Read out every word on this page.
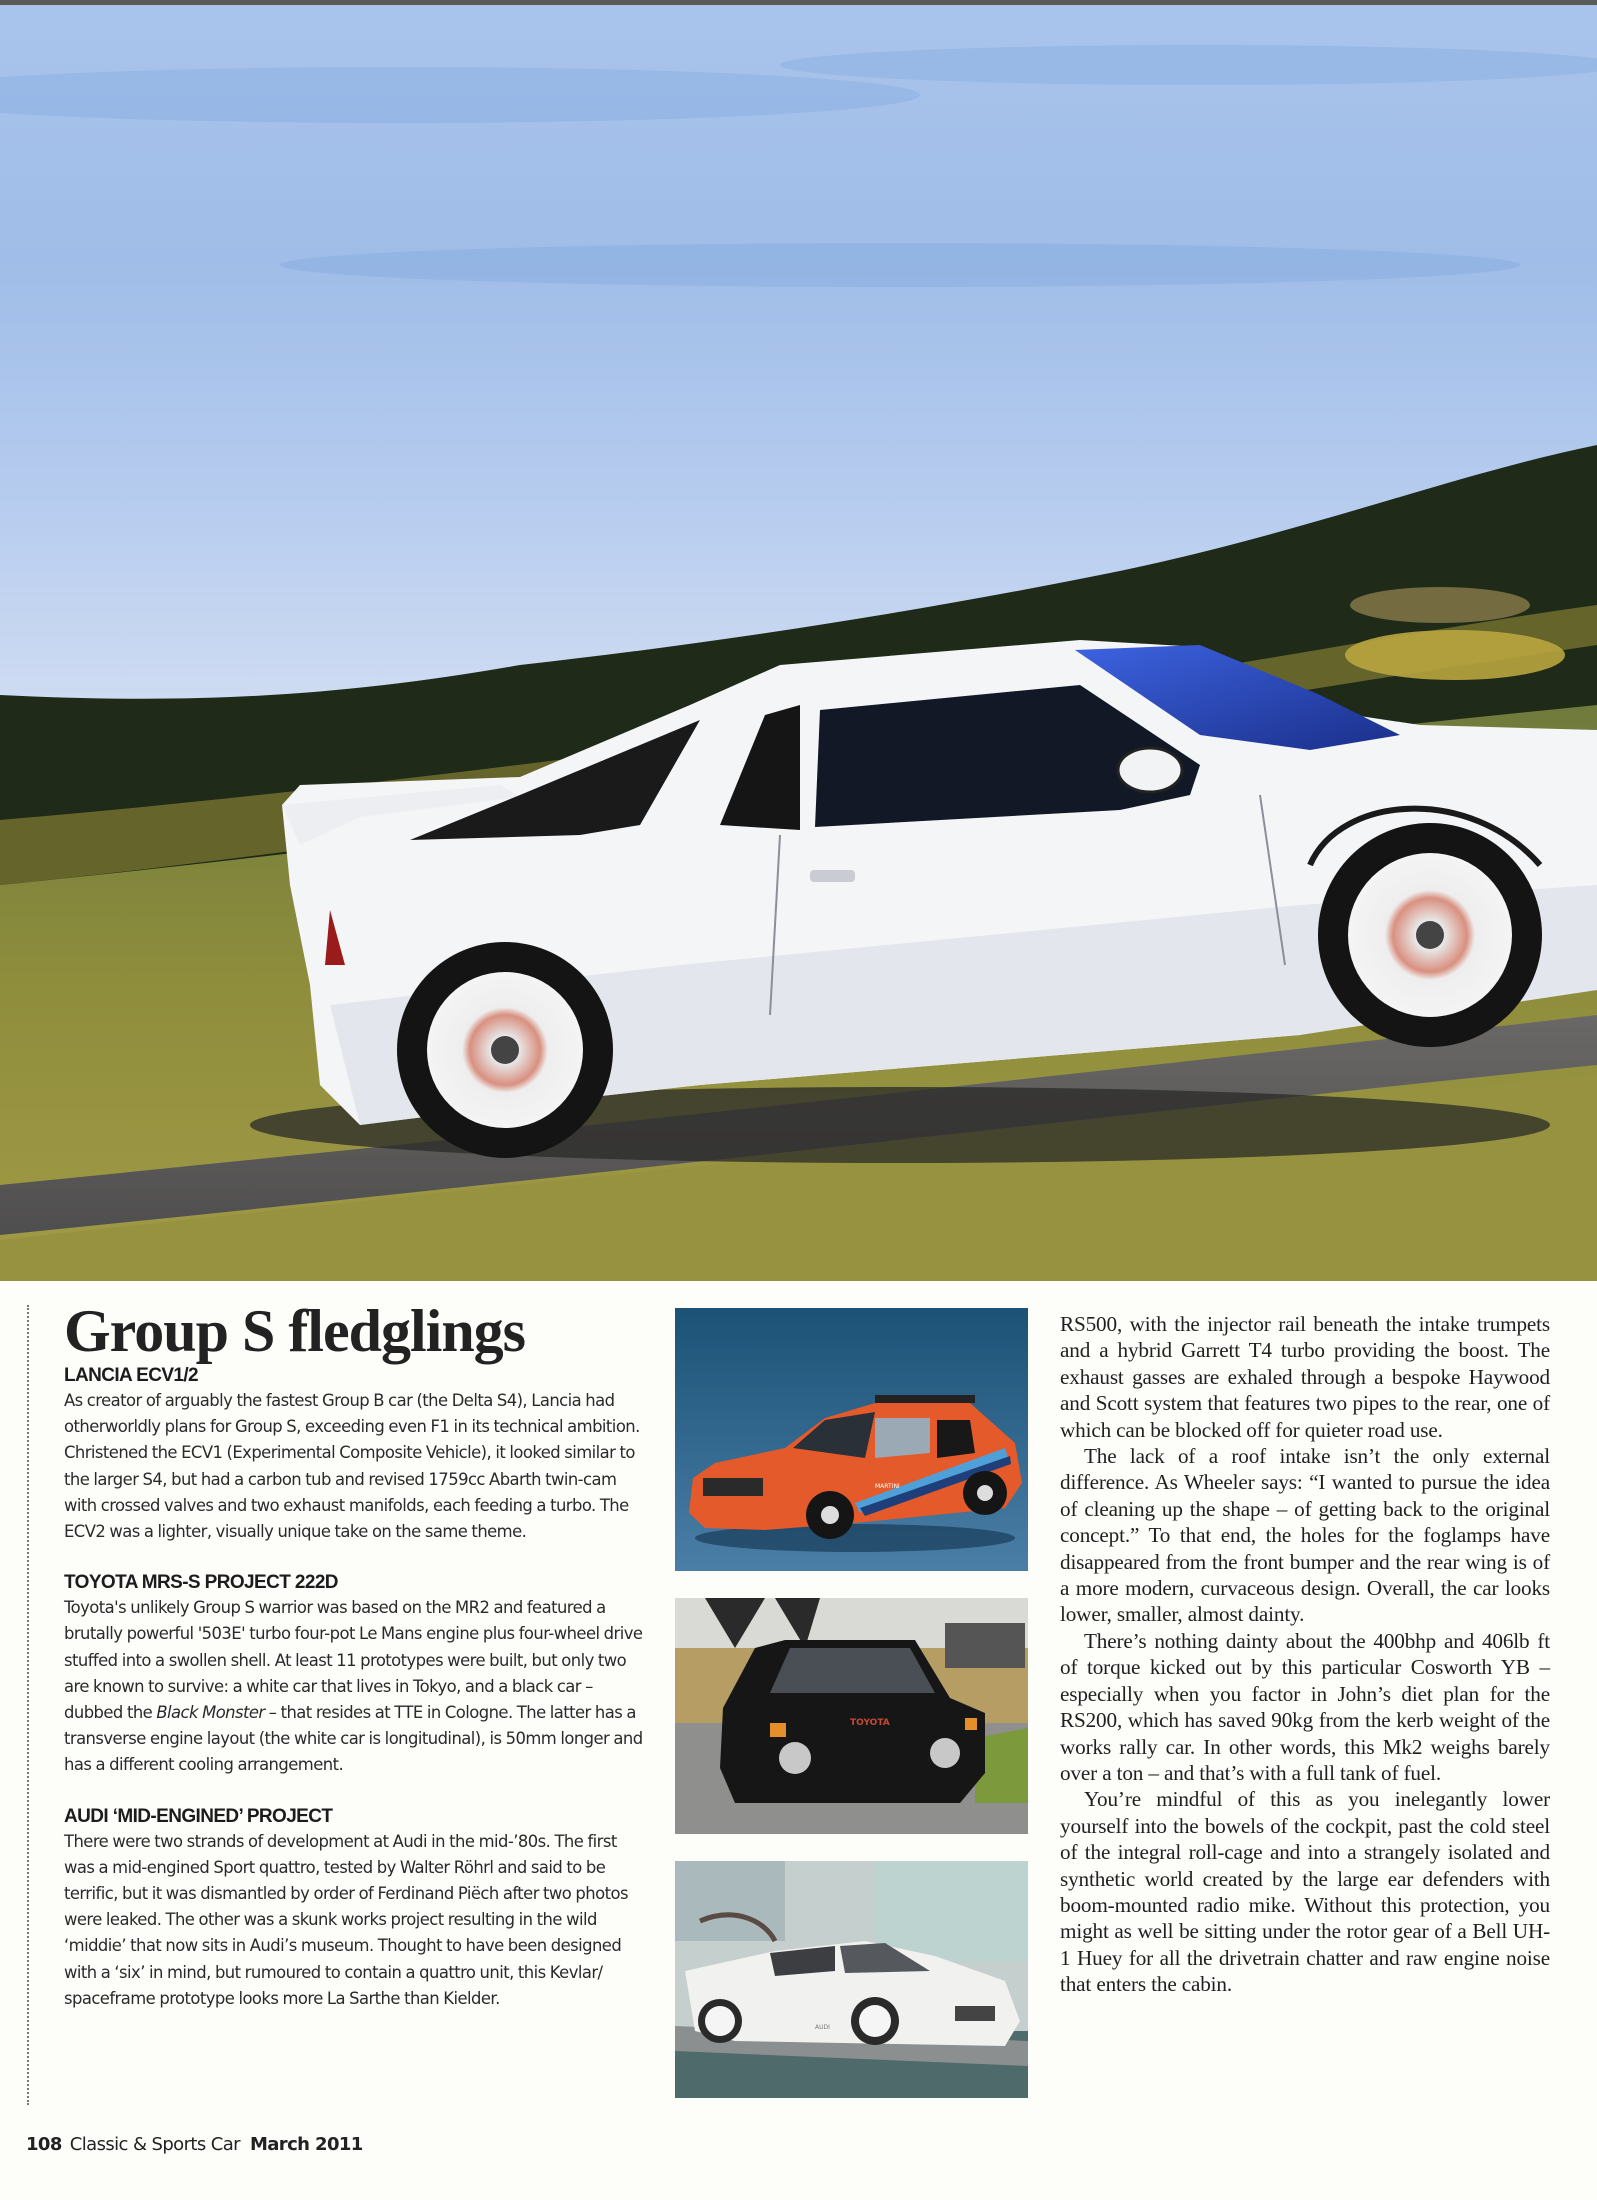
Group S fledglings
LANCIA ECV1/2

As creator of arguably the fastest Group B car (the Delta S4), Lancia had otherworldly plans for Group S, exceeding even F1 in its technical ambition. Christened the ECV1 (Experimental Composite Vehicle), it looked similar to the larger S4, but had a carbon tub and revised 1759cc Abarth twin-cam with crossed valves and two exhaust manifolds, each feeding a turbo. The ECV2 was a lighter, visually unique take on the same theme.

TOYOTA MRS-S PROJECT 222D

Toyota's unlikely Group S warrior was based on the MR2 and featured a brutally powerful '503E' turbo four-pot Le Mans engine plus four-wheel drive stuffed into a swollen shell. At least 11 prototypes were built, but only two are known to survive: a white car that lives in Tokyo, and a black car – dubbed the Black Monster – that resides at TTE in Cologne. The latter has a transverse engine layout (the white car is longitudinal), is 50mm longer and has a different cooling arrangement.

AUDI ‘MID-ENGINED’ PROJECT

There were two strands of development at Audi in the mid-’80s. The first was a mid-engined Sport quattro, tested by Walter Röhrl and said to be terrific, but it was dismantled by order of Ferdinand Piëch after two photos were leaked. The other was a skunk works project resulting in the wild ‘middie’ that now sits in Audi’s museum. Thought to have been designed with a ‘six’ in mind, but rumoured to contain a quattro unit, this Kevlar/ spaceframe prototype looks more La Sarthe than Kielder.

MARTINI
TOYOTA
AUDI

RS500, with the injector rail beneath the intake trumpets and a hybrid Garrett T4 turbo providing the boost. The exhaust gasses are exhaled through a bespoke Haywood and Scott system that features two pipes to the rear, one of which can be blocked off for quieter road use.

The lack of a roof intake isn’t the only external difference. As Wheeler says: “I wanted to pursue the idea of cleaning up the shape – of getting back to the original concept.” To that end, the holes for the foglamps have disappeared from the front bumper and the rear wing is of a more modern, curvaceous design. Overall, the car looks lower, smaller, almost dainty.

There’s nothing dainty about the 400bhp and 406lb ft of torque kicked out by this particular Cosworth YB – especially when you factor in John’s diet plan for the RS200, which has saved 90kg from the kerb weight of the works rally car. In other words, this Mk2 weighs barely over a ton – and that’s with a full tank of fuel.

You’re mindful of this as you inelegantly lower yourself into the bowels of the cockpit, past the cold steel of the integral roll-cage and into a strangely isolated and synthetic world created by the large ear defenders with boom-mounted radio mike. Without this protection, you might as well be sitting under the rotor gear of a Bell UH-1 Huey for all the drivetrain chatter and raw engine noise that enters the cabin.

108 Classic & Sports Car March 2011
